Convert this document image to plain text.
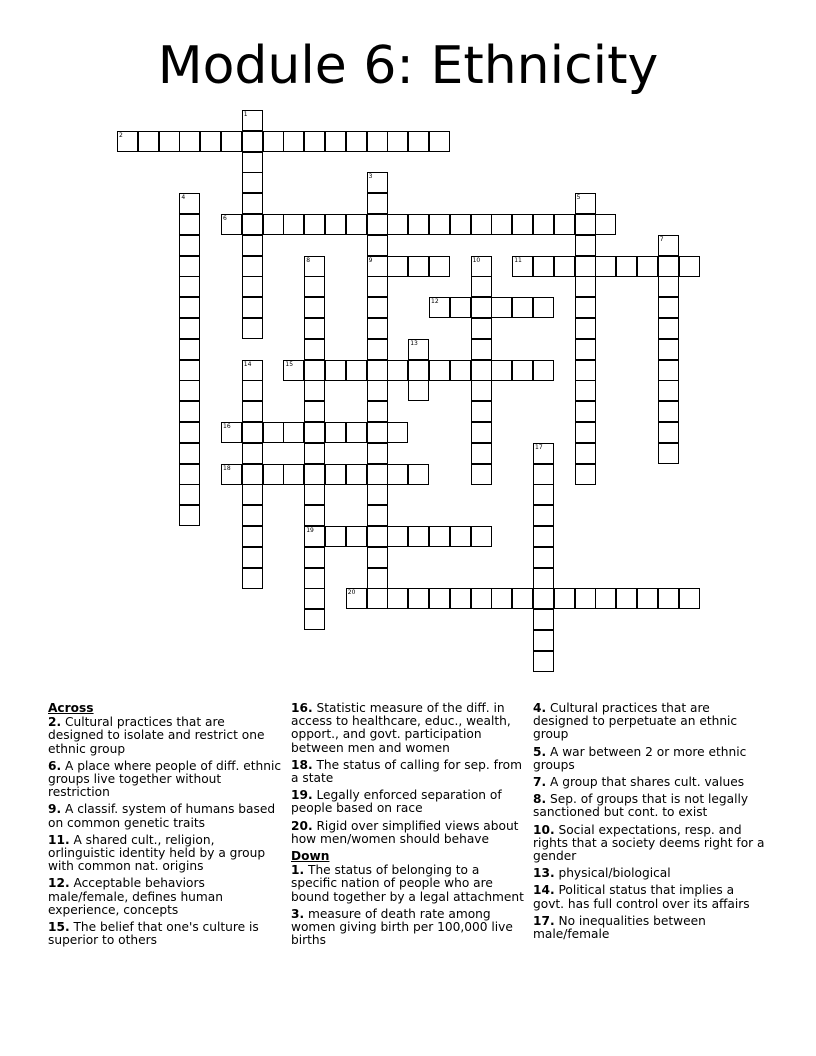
Module 6: Ethnicity
1
2
3
9
4	5
6
7
8
19
10	11
12
13
14	15
16
17
18
20
Across
2. Cultural practices that are designed to isolate and restrict one ethnic group
6. A place where people of diff. ethnic groups live together without restriction
9. A classif. system of humans based on common genetic traits
11. A shared cult., religion, orlinguistic identity held by a group with common nat. origins
12. Acceptable behaviors male/female, defines human experience, concepts
15. The belief that one's culture is superior to others
16. Statistic measure of the diff. in access to healthcare, educ., wealth, opport., and govt. participation between men and women
18. The status of calling for sep. from a state
19. Legally enforced separation of people based on race
20. Rigid over simplified views about how men/women should behave
Down
1. The status of belonging to a specific nation of people who are bound together by a legal attachment
3. measure of death rate among women giving birth per 100,000 live births
4. Cultural practices that are designed to perpetuate an ethnic group
5. A war between 2 or more ethnic groups
7. A group that shares cult. values
8. Sep. of groups that is not legally sanctioned but cont. to exist
10. Social expectations, resp. and rights that a society deems right for a gender
13. physical/biological
14. Political status that implies a govt. has full control over its affairs
17. No inequalities between male/female
